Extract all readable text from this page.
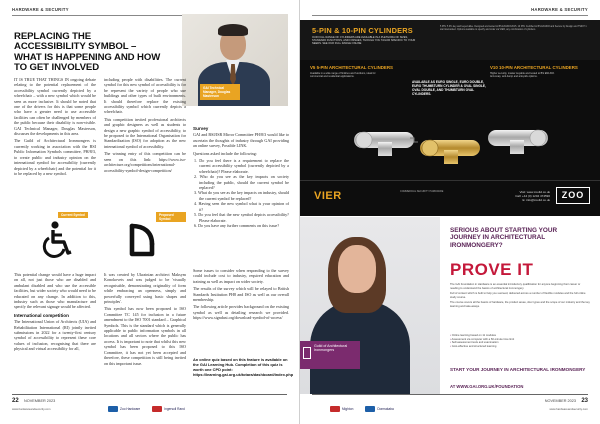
HARDWARE & SECURITY
REPLACING THE ACCESSIBILITY SYMBOL – WHAT IS HAPPENING AND HOW TO GET INVOLVED
GAI Technical Manager, Douglas Masterson

IT IS TRUE THAT THINGS IN ongoing debate relating to the potential replacement of the accessibility symbol currently depicted by a wheelchair – with a new symbol which would be seen as more inclusive. It should be noted that one of the drivers for this is that some people who have a greater need to use accessible facilities can often be challenged by members of the public because their disability is non-visible. GAI Technical Manager, Douglas Masterson, discusses the developments in this area.

The Guild of Architectural Ironmongers is currently working in association with the BSI Public Information Symbols committee, PH/8/3, to create public and industry opinion on the international symbol for accessibility (currently depicted by a wheelchair) and the potential for it to be replaced by a new symbol.

including people with disabilities. The current symbol for this new symbol of accessibility is for be represent the variety of people who use buildings and other types of built environments. It should therefore replace the existing accessibility symbol which currently depicts a wheelchair.

This competition invited professional architects and graphic designers as well as students to design a new graphic symbol of accessibility, to be proposed to the International Organisation for Standardization (ISO) for adoption as the new international symbol of accessibility.

The winning entry of this competition can be seen on this link: https://www.iso-architecture.org/competitions/international-accessibility-symbol-design-competition/

Current Symbol	Proposed Symbol

This potential change would have a huge impact on all, not just those who are disabled and ambulant disabled and who use the accessible facilities, but wider society who would need to be educated on any change. In addition to this, industry such as those who manufacture and specify the relevant signage would be affected.

International competition

The International Union of Architects (UIA) and Rehabilitation International (RI) jointly invited submissions in 2022 for a twenty-first century symbol of accessibility to represent these core values of inclusion, recognising that there are physical and virtual accessibility for all,

It was created by Ukrainian architect Maksym Konokovets and was judged to be 'visually recognisable, demonstrating originality of form while embracing an openness, simply and powerfully conveyed using basic shapes and principles'.

This symbol has now been proposed to ISO Committee TC 145 for inclusion in a future amendment to the ISO 7001 standard – Graphical Symbols. This is the standard which is generally applicable to public information symbols in all locations and all sectors where the public has access. It is important to note that whilst this new symbol has been proposed to this ISO Committee, it has not yet been accepted and therefore, these competition is still being invited on this important issue.

Survey

GAI and BSI/ISR Mirror Committee PH/8/3 would like to ascertain the thoughts of industry through GAI providing an online survey, Possible LINK.

Questions asked include the following:

1. Do you feel there is a requirement to replace the current accessibility symbol (currently depicted by a wheelchair)? Please elaborate.
2. Who do you see as the key impacts on society including the public, should the current symbol be replaced?
3. What do you see as the key impacts on industry, should the current symbol be replaced?
4. Having seen the new symbol what is your opinion of it?
5. Do you feel that the new symbol depicts accessibility? Please elaborate.
6. Do you have any further comments on this issue?

Some issues to consider when responding to the survey could include cost to industry, required education and training as well as impact on wider society.

The results of the survey which will be relayed to British Standards Institution PH8 and ISO as well as our overall membership.

The following article provides background on the existing symbol as well as detailing research we provided. https://www.signdust.org/download-symbol-of-access/

An online quiz based on this feature is available on the GAI Learning Hub. Completion of this quiz is worth one CPD point: https://learning.gai.org.uk/totara/dashboard/index.php
22 NOVEMBER 2023
www.hardwareandsecurity.com	Zoo Hardware	Ingersoll Rand
HARDWARE & SECURITY
5-PIN & 10-PIN CYLINDERS
OUR FULL RANGE OF CYLINDERS ARE AVAILABLE IN A PLETHORA OF SIZES, STANDARD FUNCTIONS, AND FINISHES, THOUGH YOU TAILOR SPECIFIC TO YOUR NEEDS. SEE OUR FULL RANGE ONLINE
5 PIN: 5 Pin key and keyed alike. Designed and tested to BS EN1303:2015. 10 PIN: Certified to BS EN1303 and Secure by Design and TS007 1 star kitemarked. Options available to specify and order via VIER, any combination of cylinders.
V5 5-PIN ARCHITECTURAL CYLINDERS
Available in a wide range of finishes and functions, ideal for commercial and residential applications.
AVAILABLE AS EURO SINGLE, EURO DOUBLE, EURO THUMBTURN CYLINDER & OVAL SINGLE, OVAL DOUBLE, AND THUMBTURN OVAL CYLINDERS.
V10 10-PIN ARCHITECTURAL CYLINDERS
Higher security, master keyable and tested to BS EN1303. Anti-snap, anti-bump and anti-pick options.
VIER	COMMERCIAL SECURITY HARDWARE	Visit: www.zooltd.co.uk
Call: +44 (0) 1204 474590
E: info@zooltd.co.uk	ZOO
Guild of Architectural Ironmongers
SERIOUS ABOUT STARTING YOUR JOURNEY IN ARCHITECTURAL IRONMONGERY?
PROVE IT

The GAI Foundation in Hardware is an essential introductory qualification for anyone beginning their career or needing to understand the basics of architectural ironmongery.

Full of content which is built to help you succeed, delivered across a number of flexible modules and the full online study course.

The course covers all the basics of hardware, the product areas, door types and the scope of our industry and the key learning and take-aways.

• Online learning based on 11 modules
• Assessment via computer with a 60-minute time limit
• Self-assessment tests and examination
• Cost-effective and structured learning
START YOUR JOURNEY IN ARCHITECTURAL IRONMONGERY
AT WWW.GAI.ORG.UK/FOUNDATION
23
NOVEMBER 2023
www.hardwareandsecurity.com
Mighton	Dormakaba
